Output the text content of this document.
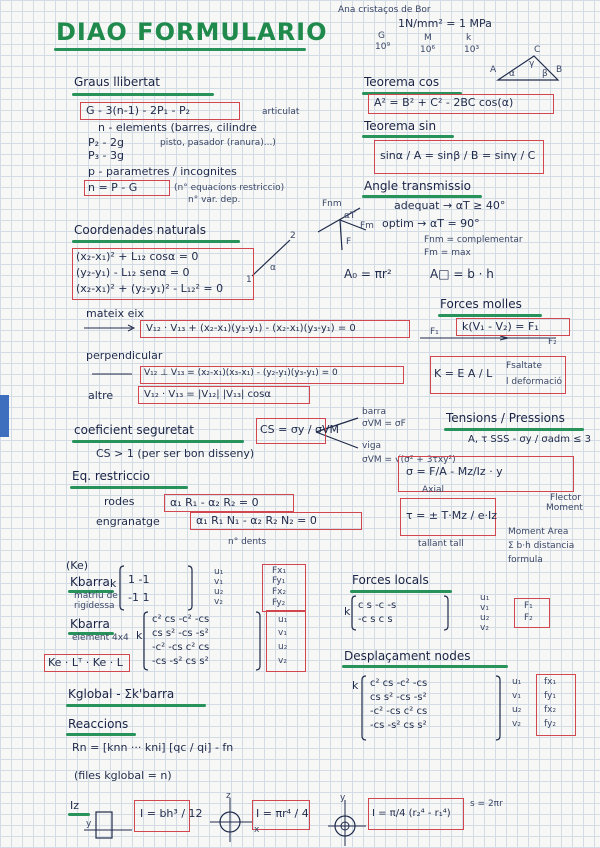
DIAO FORMULARIO
Ana cristaços de Bor
1N/mm² = 1 MPa
G
10⁹
M
10⁶
k
10³
A	B
C
γ
α	β
Graus llibertat
G - 3(n-1) - 2P₁ - P₂	articulat
n - elements (barres, cilindre
P₂ - 2g	pisto, pasador (ranura)...)
P₃ - 3g
p - parametres / incognites
n = P - G	(n° equacions restriccio)
n° var. dep.
Coordenades naturals
(x₂-x₁)² + L₁₂ cosα = 0
(y₂-y₁) - L₁₂ senα = 0
(x₂-x₁)² + (y₂-y₁)² - L₁₂² = 0
2
1
α
mateix eix
V₁₂ · V₁₃ + (x₂-x₁)(y₃-y₁) - (x₂-x₁)(y₃-y₁) = 0
perpendicular
V₁₂ ⊥ V₁₃ = (x₂-x₁)(x₃-x₁) - (y₂-y₁)(y₃-y₁) = 0
altre	V₁₂ · V₁₃ = |V₁₂| |V₁₃| cosα
coeficient seguretat	CS = σy / σVM
CS > 1 (per ser bon disseny)
barra
σVM = σF
viga
σVM = √(σ² + 3τxy²)
Eq. restriccio
rodes	α₁ R₁ - α₂ R₂ = 0
engranatge	α₁ R₁ N₁ - α₂ R₂ N₂ = 0
n° dents
(Ke)
Kbarra
matriu de rigidessa
k 1 -1
-1 1
u₁
v₁
u₂
v₂
Fx₁
Fy₁
Fx₂
Fy₂
Kbarra
element 4x4 k
c² cs -c² -cs
cs s² -cs -s²
-c² -cs c² cs
-cs -s² cs s²
u₁
v₁
u₂
v₂
Ke · Lᵀ · Ke · L
Kglobal - Σk'barra
Reaccions
Rn = [knn ··· kni] [qc / qi] - fn
(files kglobal = n)
Iz
y
I = bh³ / 12	I = πr⁴ / 4	I = π/4 (r₂⁴ - r₁⁴)
s = 2πr
z
x
y
Teorema cos
A² = B² + C² - 2BC cos(α)
Teorema sin
sinα / A = sinβ / B = sinγ / C
Angle transmissio
adequat → αT ≥ 40°
optim → αT = 90°
Fnm = complementar
Fm = max
Fnm
Fm
αT
F
A₀ = πr²	A□ = b · h
Forces molles
k(V₁ - V₂) = F₁
F₁
F₂
K = E A / L
Fsaltate
l deformació
Tensions / Pressions
A, τ SSS - σy / σadm ≤ 3
σ = F/A - Mz/Iz · y
τ = ± T·Mz / e·Iz
Axial
Flector
Moment
Moment Area
Σ b·h distancia
formula
tallant tall
Forces locals
k c s -c -s
-c s c s
u₁
v₁
u₂
v₂
F₁
F₂
Desplaçament nodes
k c² cs -c² -cs
cs s² -cs -s²
-c² -cs c² cs
-cs -s² cs s²
u₁
v₁
u₂
v₂
fx₁
fy₁
fx₂
fy₂
